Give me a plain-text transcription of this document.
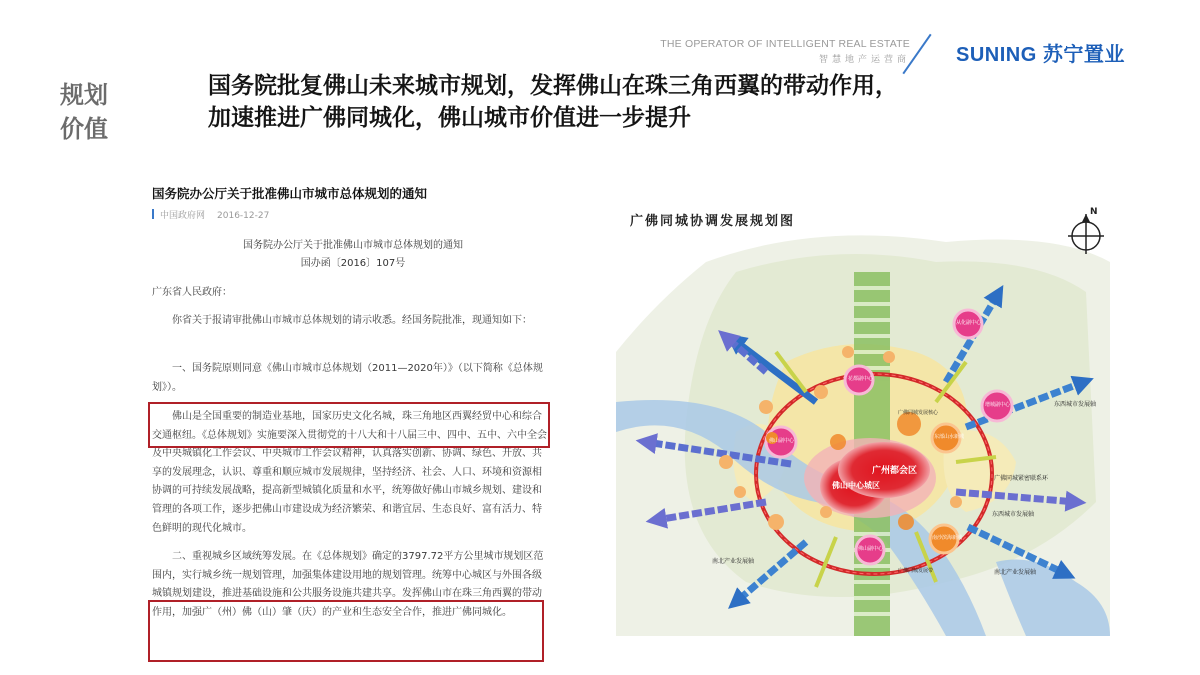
THE OPERATOR OF INTELLIGENT REAL ESTATE
智慧地产运营商 SUNING 苏宁置业
规划
价值
国务院批复佛山未来城市规划，发挥佛山在珠三角西翼的带动作用，
加速推进广佛同城化，佛山城市价值进一步提升
国务院办公厅关于批准佛山市城市总体规划的通知
中国政府网 2016-12-27
国务院办公厅关于批准佛山市城市总体规划的通知
国办函〔2016〕107号
广东省人民政府：
你省关于报请审批佛山市城市总体规划的请示收悉。经国务院批准，现通知如下：
一、国务院原则同意《佛山市城市总体规划（2011—2020年）》（以下简称《总体规划》）。
佛山是全国重要的制造业基地，国家历史文化名城，珠三角地区西翼经贸中心和综合交通枢纽。《总体规划》实施要深入贯彻党的十八大和十八届三中、四中、五中、六中全会及中央城镇化工作会议、中央城市工作会议精神，认真落实创新、协调、绿色、开放、共享的发展理念，认识、尊重和顺应城市发展规律，坚持经济、社会、人口、环境和资源相协调的可持续发展战略，提高新型城镇化质量和水平，统筹做好佛山市城乡规划、建设和管理的各项工作，逐步把佛山市建设成为经济繁荣、和谐宜居、生态良好、富有活力、特色鲜明的现代化城市。
二、重视城乡区域统筹发展。在《总体规划》确定的3797.72平方公里城市规划区范围内，实行城乡统一规划管理，加强集体建设用地的规划管理。统筹中心城区与外围各级城镇规划建设，推进基础设施和公共服务设施共建共享。发挥佛山市在珠三角西翼的带动作用，加强广（州）佛（山）肇（庆）的产业和生态安全合作，推进广佛同城化。
N
广州都会区
佛山中心城区
东西城市发展轴
东西城市发展轴
广佛同城紧密联系环
南北产业发展轴
南北产业发展轴
花都副中心
从化副中心
增城副中心
佛山副中心
佛山副中心
南沙滨海新城
东部山水新城
广佛同城发展核心
广佛同城发展带
广佛同城协调发展规划图
